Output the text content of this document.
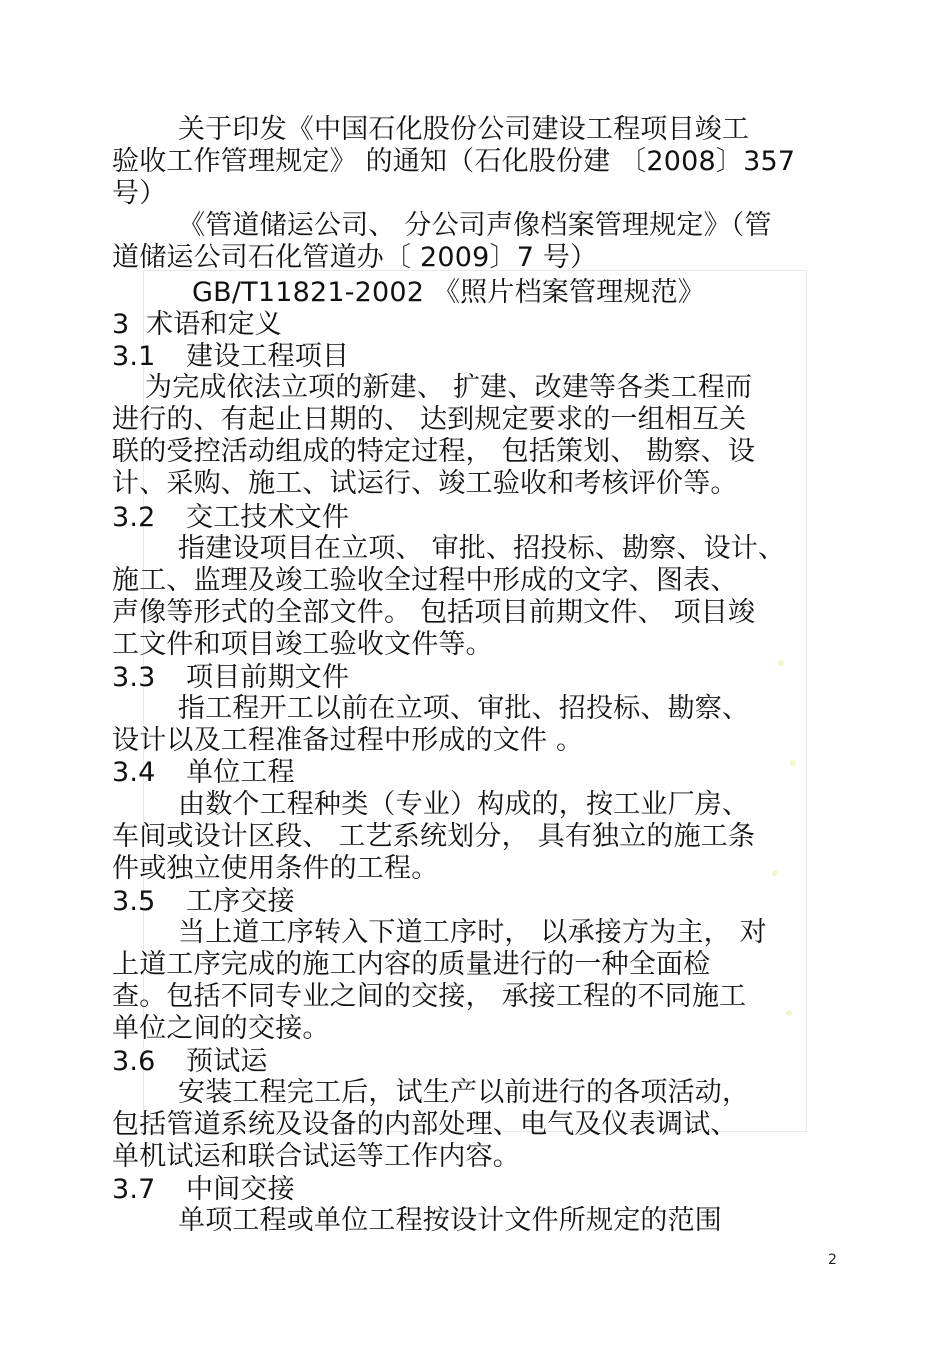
关于印发《中国石化股份公司建设工程项目竣工
验收工作管理规定》 的通知（石化股份建 〔2008〕357
号）
《管道储运公司、 分公司声像档案管理规定》（管
道储运公司石化管道办〔 2009〕7 号）
GB/T11821-2002 《照片档案管理规范》
3 术语和定义
3.1 建设工程项目
为完成依法立项的新建、 扩建、改建等各类工程而
进行的、有起止日期的、 达到规定要求的一组相互关
联的受控活动组成的特定过程， 包括策划、 勘察、设
计、采购、施工、试运行、竣工验收和考核评价等。
3.2 交工技术文件
指建设项目在立项、 审批、招投标、勘察、设计、
施工、监理及竣工验收全过程中形成的文字、图表、
声像等形式的全部文件。 包括项目前期文件、 项目竣
工文件和项目竣工验收文件等。
3.3 项目前期文件
指工程开工以前在立项、审批、招投标、勘察、
设计以及工程准备过程中形成的文件 。
3.4 单位工程
由数个工程种类（专业）构成的，按工业厂房、
车间或设计区段、 工艺系统划分， 具有独立的施工条
件或独立使用条件的工程。
3.5 工序交接
当上道工序转入下道工序时， 以承接方为主， 对
上道工序完成的施工内容的质量进行的一种全面检
查。包括不同专业之间的交接， 承接工程的不同施工
单位之间的交接。
3.6 预试运
安装工程完工后，试生产以前进行的各项活动，
包括管道系统及设备的内部处理、电气及仪表调试、
单机试运和联合试运等工作内容。
3.7 中间交接
单项工程或单位工程按设计文件所规定的范围
2
